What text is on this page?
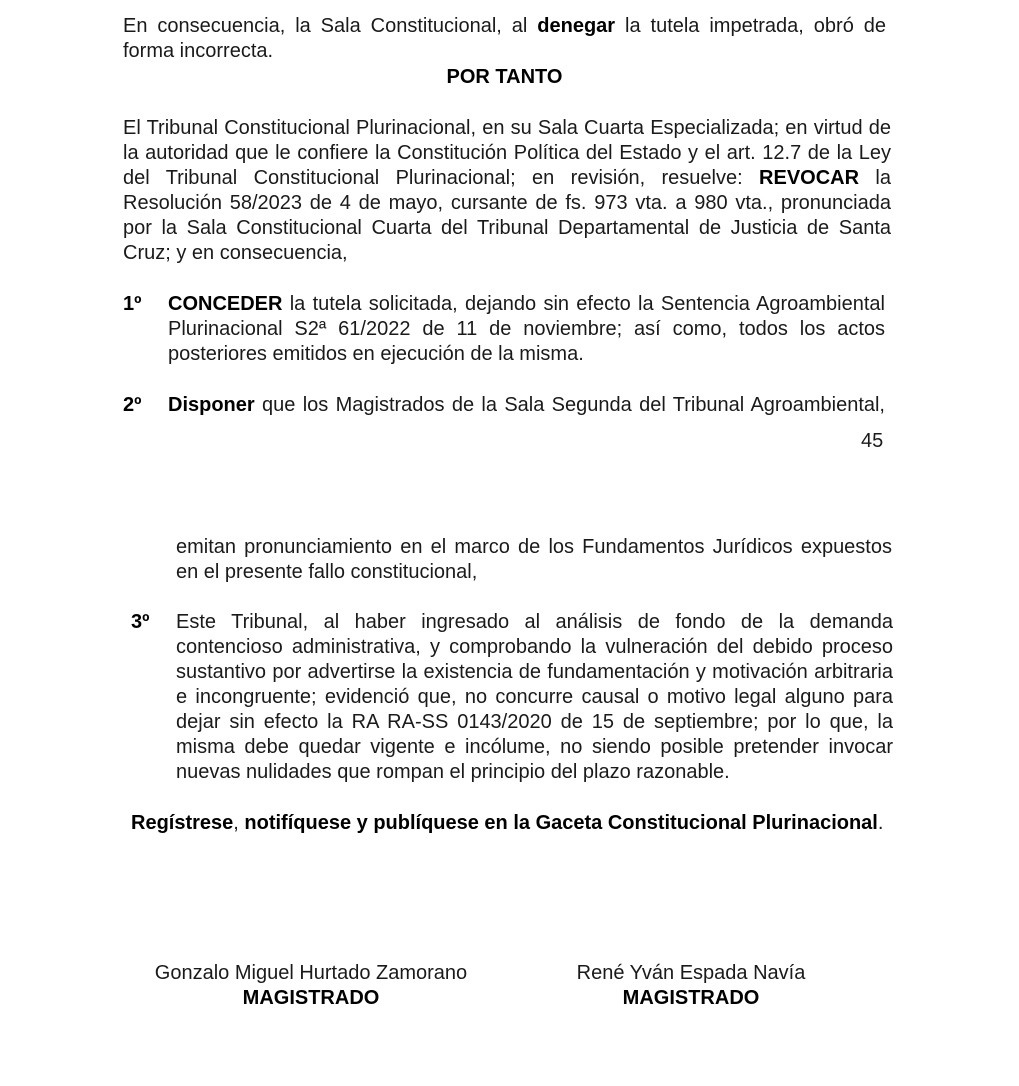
En consecuencia, la Sala Constitucional, al denegar la tutela impetrada, obró de forma incorrecta.
POR TANTO
El Tribunal Constitucional Plurinacional, en su Sala Cuarta Especializada; en virtud de la autoridad que le confiere la Constitución Política del Estado y el art. 12.7 de la Ley del Tribunal Constitucional Plurinacional; en revisión, resuelve: REVOCAR la Resolución 58/2023 de 4 de mayo, cursante de fs. 973 vta. a 980 vta., pronunciada por la Sala Constitucional Cuarta del Tribunal Departamental de Justicia de Santa Cruz; y en consecuencia,
1º CONCEDER la tutela solicitada, dejando sin efecto la Sentencia Agroambiental Plurinacional S2ª 61/2022 de 11 de noviembre; así como, todos los actos posteriores emitidos en ejecución de la misma.
2º Disponer que los Magistrados de la Sala Segunda del Tribunal Agroambiental,
45
emitan pronunciamiento en el marco de los Fundamentos Jurídicos expuestos en el presente fallo constitucional,
3º Este Tribunal, al haber ingresado al análisis de fondo de la demanda contencioso administrativa, y comprobando la vulneración del debido proceso sustantivo por advertirse la existencia de fundamentación y motivación arbitraria e incongruente; evidenció que, no concurre causal o motivo legal alguno para dejar sin efecto la RA RA-SS 0143/2020 de 15 de septiembre; por lo que, la misma debe quedar vigente e incólume, no siendo posible pretender invocar nuevas nulidades que rompan el principio del plazo razonable.
Regístrese, notifíquese y publíquese en la Gaceta Constitucional Plurinacional.
Gonzalo Miguel Hurtado Zamorano
MAGISTRADO
René Yván Espada Navía
MAGISTRADO
